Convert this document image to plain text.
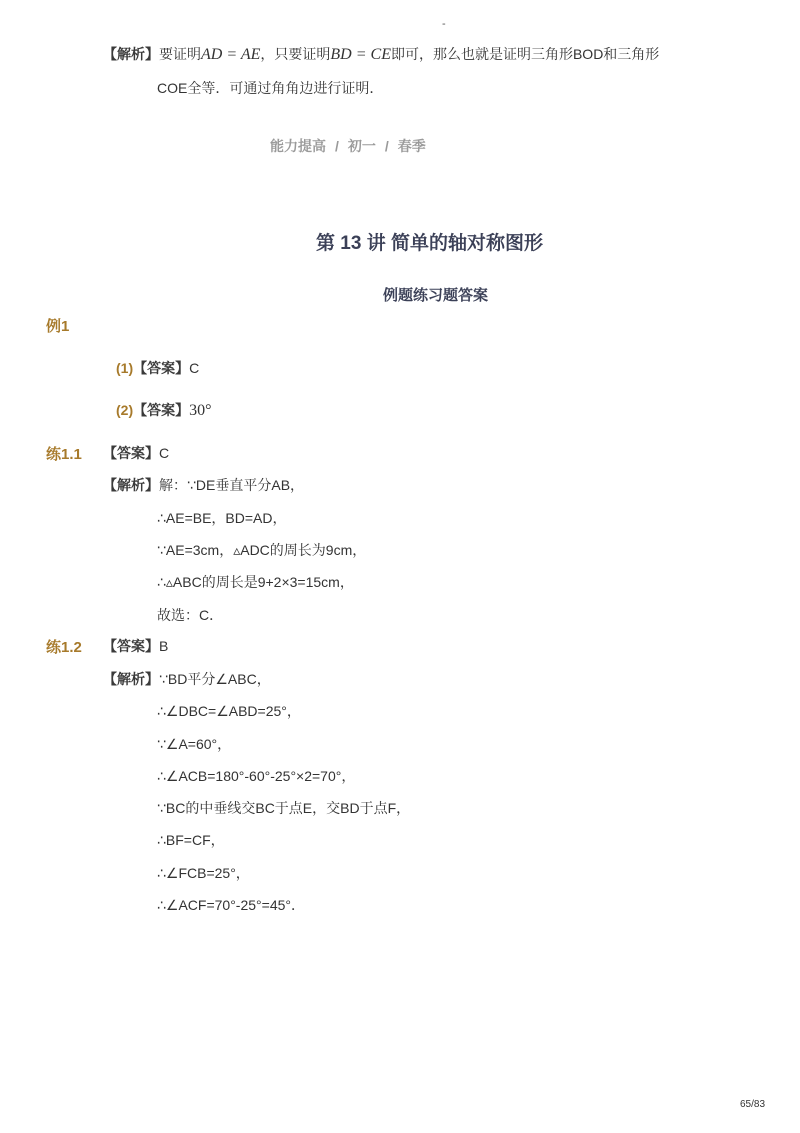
-
【解析】要证明AD = AE，只要证明BD = CE即可，那么也就是证明三角形BOD和三角形
COE全等．可通过角角边进行证明．
能力提高 / 初一 / 春季
第 13 讲 简单的轴对称图形
例题练习题答案
例1
(1)【答案】C
(2)【答案】30°
练1.1 【答案】C
【解析】解：∵DE垂直平分AB，
∴AE=BE，BD=AD，
∵AE=3cm，▵ADC的周长为9cm，
∴▵ABC的周长是9+2×3=15cm，
故选：C．
练1.2 【答案】B
【解析】∵BD平分∠ABC，
∴∠DBC=∠ABD=25°，
∵∠A=60°，
∴∠ACB=180°-60°-25°×2=70°，
∵BC的中垂线交BC于点E，交BD于点F，
∴BF=CF，
∴∠FCB=25°，
∴∠ACF=70°-25°=45°．
65/83
